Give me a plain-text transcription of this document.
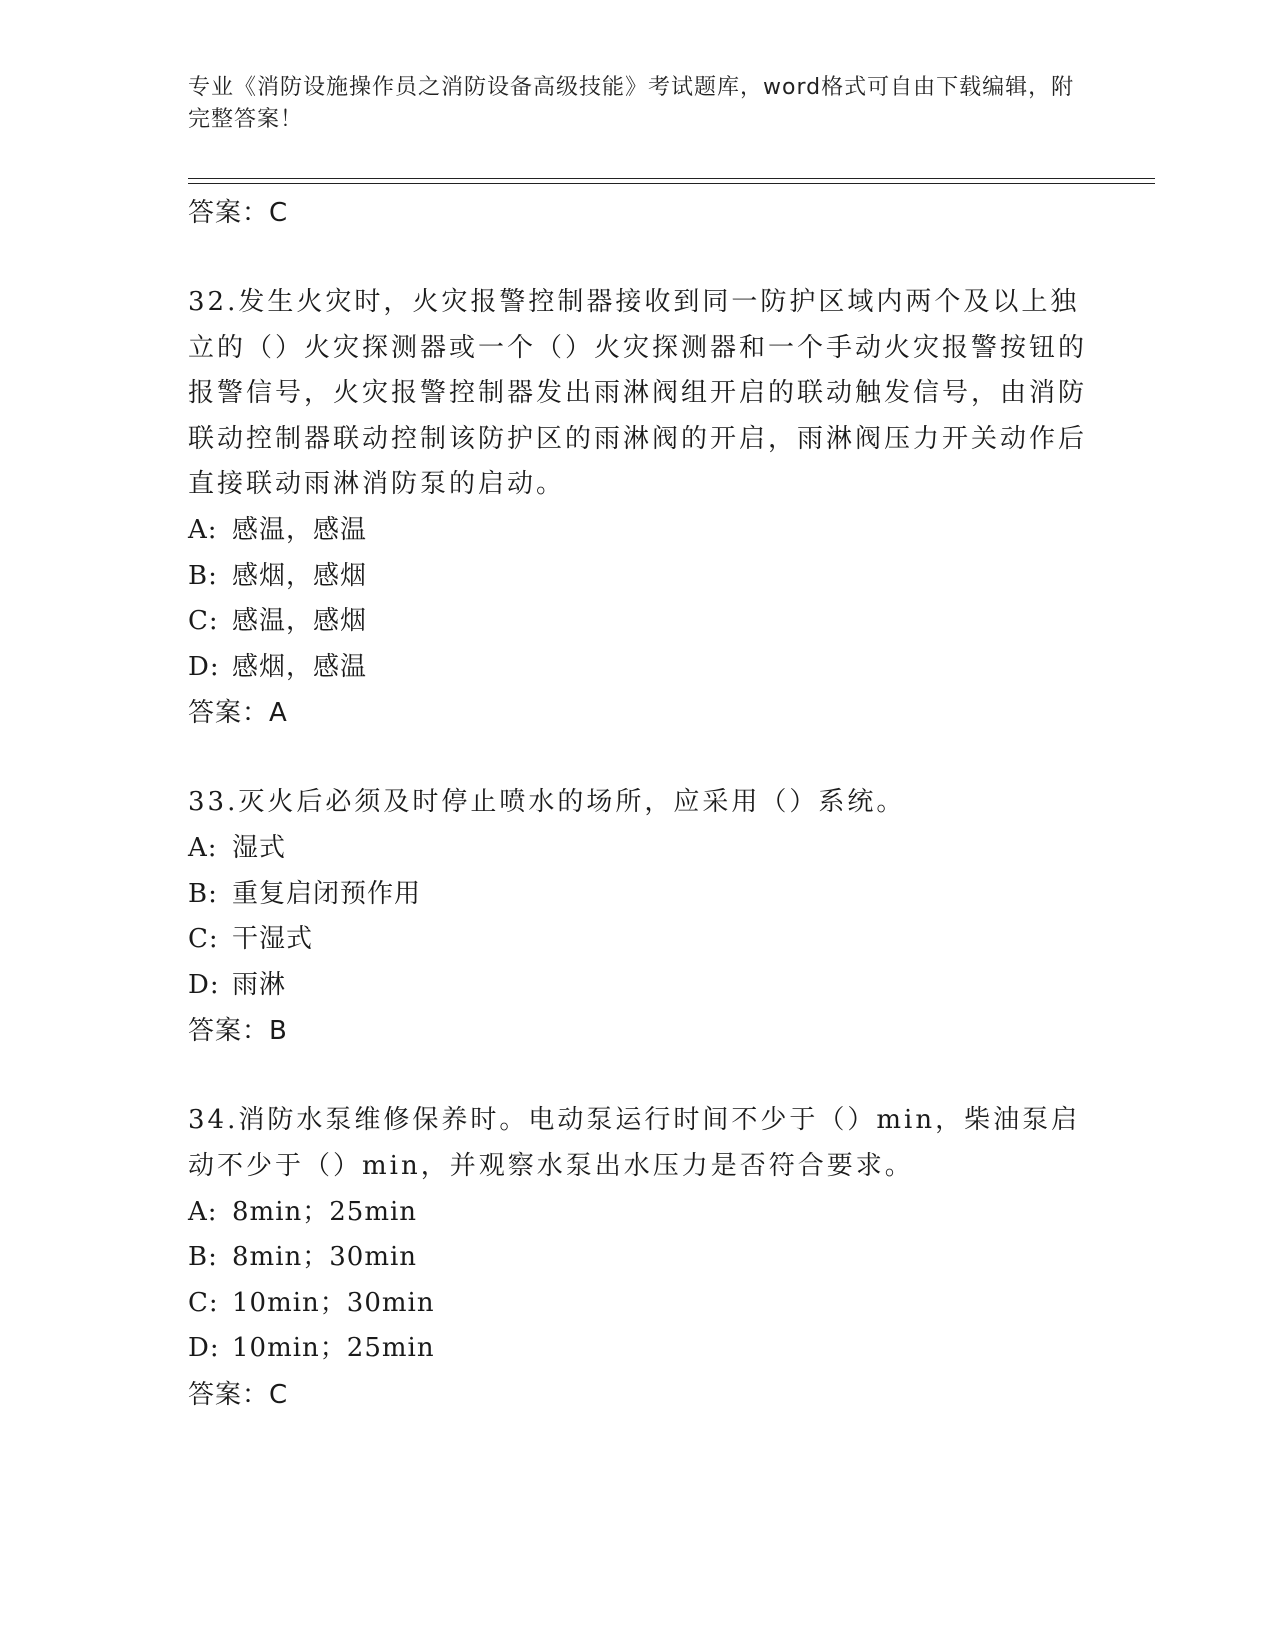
专业《消防设施操作员之消防设备高级技能》考试题库，word格式可自由下载编辑，附完整答案！
答案：C
32.发生火灾时，火灾报警控制器接收到同一防护区域内两个及以上独立的（）火灾探测器或一个（）火灾探测器和一个手动火灾报警按钮的报警信号，火灾报警控制器发出雨淋阀组开启的联动触发信号，由消防联动控制器联动控制该防护区的雨淋阀的开启，雨淋阀压力开关动作后直接联动雨淋消防泵的启动。
A: 感温，感温
B: 感烟，感烟
C: 感温，感烟
D: 感烟，感温
答案：A
33.灭火后必须及时停止喷水的场所，应采用（）系统。
A: 湿式
B: 重复启闭预作用
C: 干湿式
D: 雨淋
答案：B
34.消防水泵维修保养时。电动泵运行时间不少于（）min，柴油泵启动不少于（）min，并观察水泵出水压力是否符合要求。
A: 8min；25min
B: 8min；30min
C: 10min；30min
D: 10min；25min
答案：C
